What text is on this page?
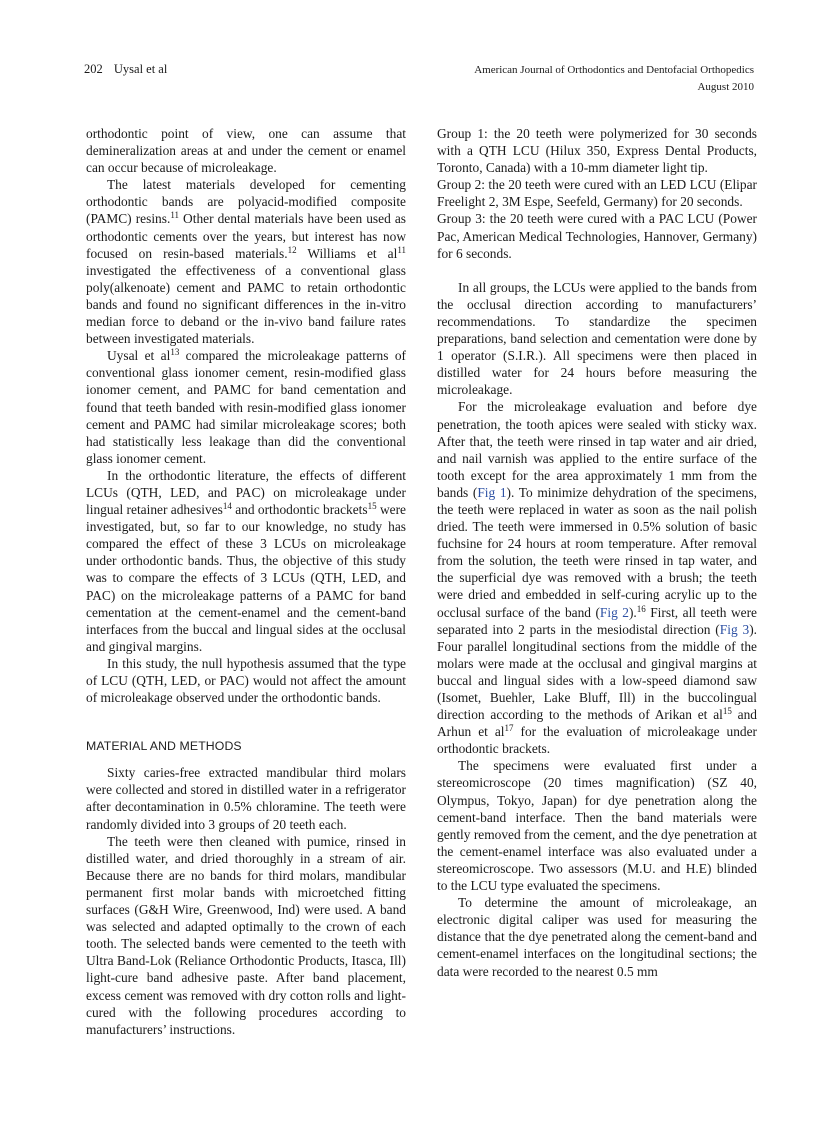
202 Uysal et al	American Journal of Orthodontics and Dentofacial Orthopedics
August 2010

orthodontic point of view, one can assume that demineralization areas at and under the cement or enamel can occur because of microleakage.

The latest materials developed for cementing orthodontic bands are polyacid-modified composite (PAMC) resins.$^{11}$ Other dental materials have been used as orthodontic cements over the years, but interest has now focused on resin-based materials.$^{12}$ Williams et $al^{11}$ investigated the effectiveness of a conventional glass poly(alkenoate) cement and PAMC to retain orthodontic bands and found no significant differences in the in-vitro median force to deband or the in-vivo band failure rates between investigated materials.

Uysal et $al^{13}$ compared the microleakage patterns of conventional glass ionomer cement, resin-modified glass ionomer cement, and PAMC for band cementation and found that teeth banded with resin-modified glass ionomer cement and PAMC had similar microleakage scores; both had statistically less leakage than did the conventional glass ionomer cement.

In the orthodontic literature, the effects of different LCUs (QTH, LED, and PAC) on microleakage under lingual retainer adhesives$^{14}$ and orthodontic brackets$^{15}$ were investigated, but, so far to our knowledge, no study has compared the effect of these 3 LCUs on microleakage under orthodontic bands. Thus, the objective of this study was to compare the effects of 3 LCUs (QTH, LED, and PAC) on the microleakage patterns of a PAMC for band cementation at the cement-enamel and the cement-band interfaces from the buccal and lingual sides at the occlusal and gingival margins.

In this study, the null hypothesis assumed that the type of LCU (QTH, LED, or PAC) would not affect the amount of microleakage observed under the orthodontic bands.

MATERIAL AND METHODS

Sixty caries-free extracted mandibular third molars were collected and stored in distilled water in a refrigerator after decontamination in 0.5% chloramine. The teeth were randomly divided into 3 groups of 20 teeth each.

The teeth were then cleaned with pumice, rinsed in distilled water, and dried thoroughly in a stream of air. Because there are no bands for third molars, mandibular permanent first molar bands with microetched fitting surfaces (G&H Wire, Greenwood, Ind) were used. A band was selected and adapted optimally to the crown of each tooth. The selected bands were cemented to the teeth with Ultra Band-Lok (Reliance Orthodontic Products, Itasca, Ill) light-cure band adhesive paste. After band placement, excess cement was removed with dry cotton rolls and light-cured with the following procedures according to manufacturers’ instructions.

Group 1: the 20 teeth were polymerized for 30 seconds with a QTH LCU (Hilux 350, Express Dental Products, Toronto, Canada) with a 10-mm diameter light tip.

Group 2: the 20 teeth were cured with an LED LCU (Elipar Freelight 2, 3M Espe, Seefeld, Germany) for 20 seconds.

Group 3: the 20 teeth were cured with a PAC LCU (Power Pac, American Medical Technologies, Hannover, Germany) for 6 seconds.

In all groups, the LCUs were applied to the bands from the occlusal direction according to manufacturers’ recommendations. To standardize the specimen preparations, band selection and cementation were done by 1 operator (S.I.R.). All specimens were then placed in distilled water for 24 hours before measuring the microleakage.

For the microleakage evaluation and before dye penetration, the tooth apices were sealed with sticky wax. After that, the teeth were rinsed in tap water and air dried, and nail varnish was applied to the entire surface of the tooth except for the area approximately 1 mm from the bands (Fig 1). To minimize dehydration of the specimens, the teeth were replaced in water as soon as the nail polish dried. The teeth were immersed in 0.5% solution of basic fuchsine for 24 hours at room temperature. After removal from the solution, the teeth were rinsed in tap water, and the superficial dye was removed with a brush; the teeth were dried and embedded in self-curing acrylic up to the occlusal surface of the band (Fig 2).$^{16}$ First, all teeth were separated into 2 parts in the mesiodistal direction (Fig 3). Four parallel longitudinal sections from the middle of the molars were made at the occlusal and gingival margins at buccal and lingual sides with a low-speed diamond saw (Isomet, Buehler, Lake Bluff, Ill) in the buccolingual direction according to the methods of Arikan et $al^{15}$ and Arhun et $al^{17}$ for the evaluation of microleakage under orthodontic brackets.

The specimens were evaluated first under a stereomicroscope (20 times magnification) (SZ 40, Olympus, Tokyo, Japan) for dye penetration along the cement-band interface. Then the band materials were gently removed from the cement, and the dye penetration at the cement-enamel interface was also evaluated under a stereomicroscope. Two assessors (M.U. and H.E) blinded to the LCU type evaluated the specimens.

To determine the amount of microleakage, an electronic digital caliper was used for measuring the distance that the dye penetrated along the cement-band and cement-enamel interfaces on the longitudinal sections; the data were recorded to the nearest 0.5 mm
